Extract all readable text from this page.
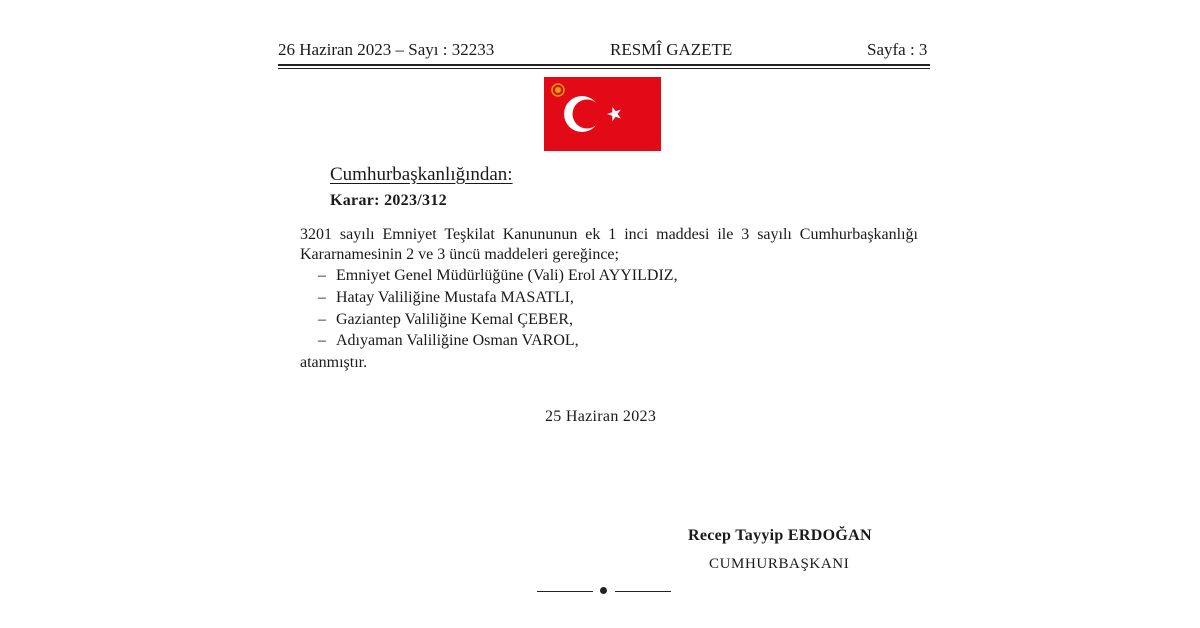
26 Haziran 2023 – Sayı : 32233	RESMÎ GAZETE	Sayfa : 3
Cumhurbaşkanlığından:
Karar: 2023/312
3201 sayılı Emniyet Teşkilat Kanununun ek 1 inci maddesi ile 3 sayılı Cumhurbaşkanlığı
Kararnamesinin 2 ve 3 üncü maddeleri gereğince;
– Emniyet Genel Müdürlüğüne (Vali) Erol AYYILDIZ,
– Hatay Valiliğine Mustafa MASATLI,
– Gaziantep Valiliğine Kemal ÇEBER,
– Adıyaman Valiliğine Osman VAROL,
atanmıştır.
25 Haziran 2023
Recep Tayyip ERDOĞAN
CUMHURBAŞKANI
